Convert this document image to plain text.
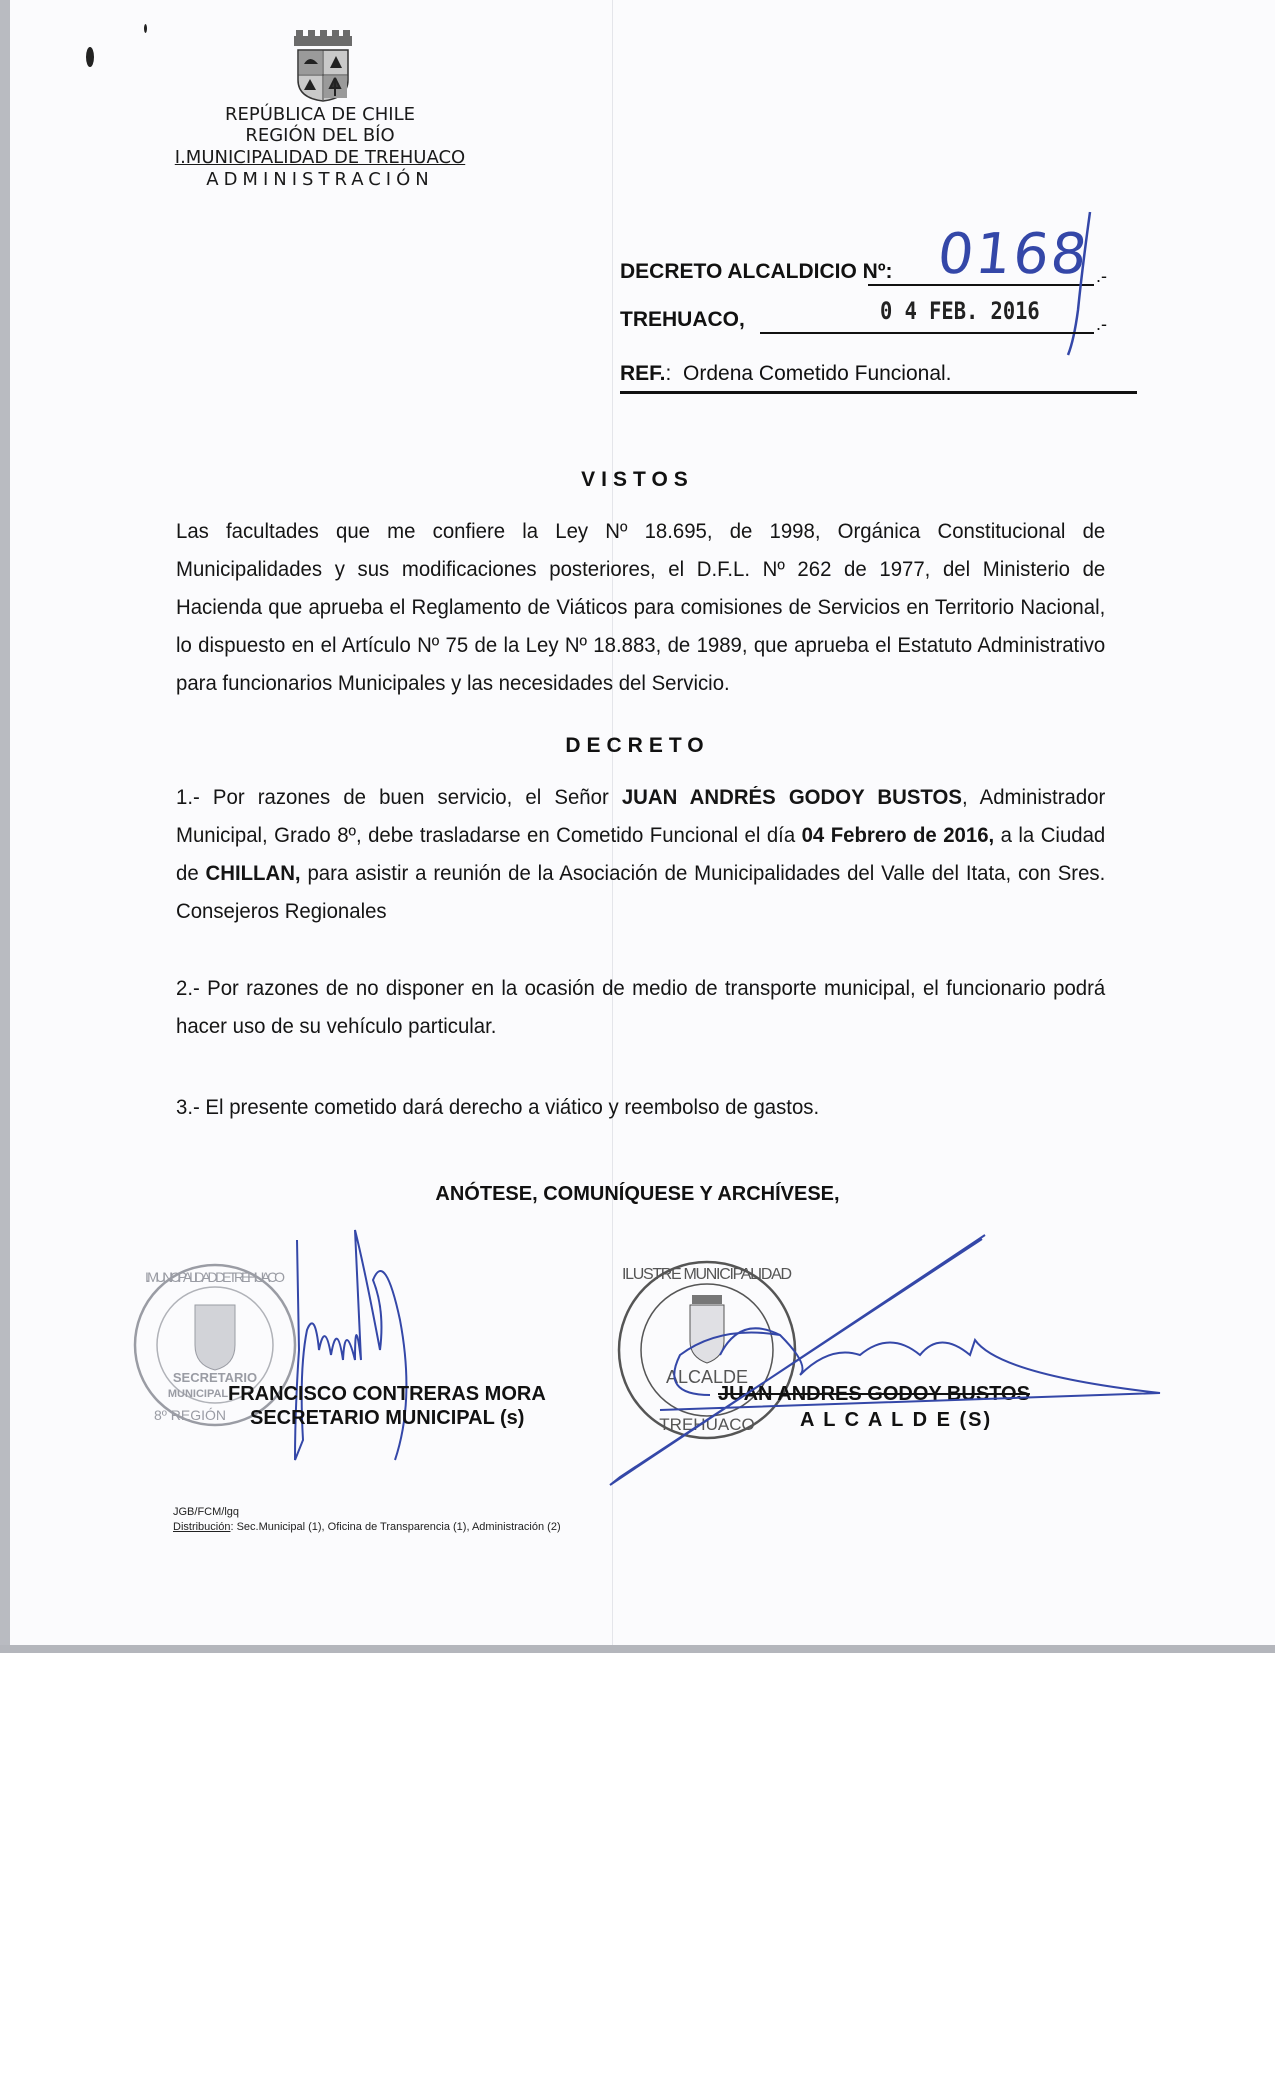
REPÚBLICA DE CHILE
REGIÓN DEL BÍO
I.MUNICIPALIDAD DE TREHUACO
ADMINISTRACIÓN
DECRETO ALCALDICIO Nº:	.-
0168
TREHUACO,	.-
0 4 FEB. 2016
REF.: Ordena Cometido Funcional.
VISTOS
Las facultades que me confiere la Ley Nº 18.695, de 1998, Orgánica Constitucional de Municipalidades y sus modificaciones posteriores, el D.F.L. Nº 262 de 1977, del Ministerio de Hacienda que aprueba el Reglamento de Viáticos para comisiones de Servicios en Territorio Nacional, lo dispuesto en el Artículo Nº 75 de la Ley Nº 18.883, de 1989, que aprueba el Estatuto Administrativo para funcionarios Municipales y las necesidades del Servicio.
DECRETO
1.- Por razones de buen servicio, el Señor JUAN ANDRÉS GODOY BUSTOS, Administrador Municipal, Grado 8º, debe trasladarse en Cometido Funcional el día 04 Febrero de 2016, a la Ciudad de CHILLAN, para asistir a reunión de la Asociación de Municipalidades del Valle del Itata, con Sres. Consejeros Regionales
2.- Por razones de no disponer en la ocasión de medio de transporte municipal, el funcionario podrá hacer uso de su vehículo particular.
3.- El presente cometido dará derecho a viático y reembolso de gastos.
ANÓTESE, COMUNÍQUESE Y ARCHÍVESE,
SECRETARIO
MUNICIPAL
I. MUNICIPALIDAD DE TREHUACO
8º REGIÓN
FRANCISCO CONTRERAS MORA
SECRETARIO MUNICIPAL (s)
ILUSTRE MUNICIPALIDAD
ALCALDE
TREHUACO
JUAN ANDRES GODOY BUSTOS
A L C A L D E (S)
JGB/FCM/lgq
Distribución: Sec.Municipal (1), Oficina de Transparencia (1), Administración (2)
